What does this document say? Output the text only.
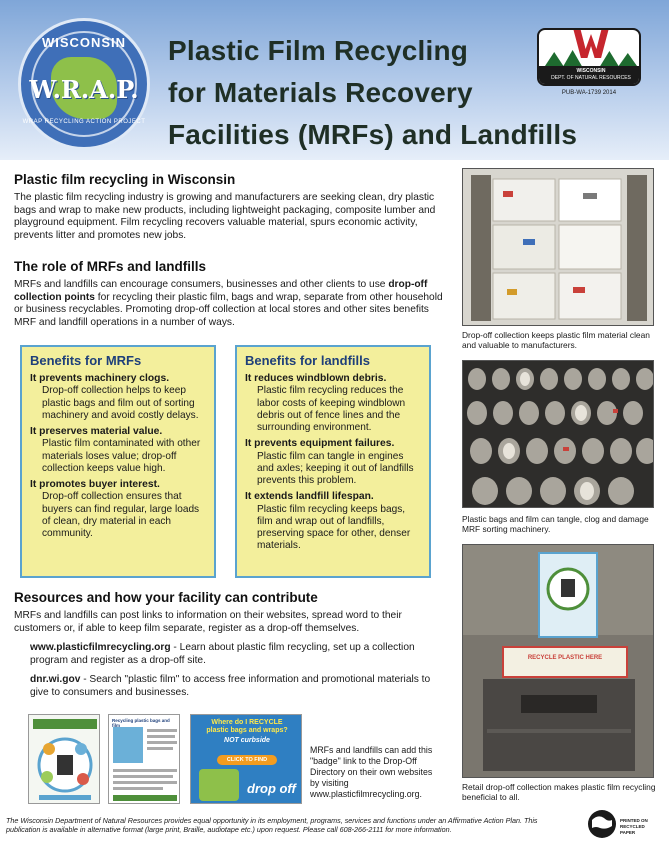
WISCONSIN
W.R.A.P.
WRAP RECYCLING ACTION PROJECT
Plastic Film Recycling
for Materials Recovery
Facilities (MRFs) and Landfills
WISCONSIN
DEPT. OF NATURAL RESOURCES
PUB-WA-1739 2014
Plastic film recycling in Wisconsin
The plastic film recycling industry is growing and manufacturers are seeking clean, dry plastic bags and wrap to make new products, including lightweight packaging, composite lumber and playground equipment. Film recycling recovers valuable material, spurs economic activity, prevents litter and promotes new jobs.
The role of MRFs and landfills
MRFs and landfills can encourage consumers, businesses and other clients to use drop-off collection points for recycling their plastic film, bags and wrap, separate from other household or business recyclables. Promoting drop-off collection at local stores and other sites benefits MRF and landfill operations in a number of ways.
Benefits for MRFs
It prevents machinery clogs.
Drop-off collection helps to keep plastic bags and film out of sorting machinery and avoid costly delays.
It preserves material value.
Plastic film contaminated with other materials loses value; drop-off collection keeps value high.
It promotes buyer interest.
Drop-off collection ensures that buyers can find regular, large loads of clean, dry material in each community.
Benefits for landfills
It reduces windblown debris.
Plastic film recycling reduces the labor costs of keeping windblown debris out of fence lines and the surrounding environment.
It prevents equipment failures.
Plastic film can tangle in engines and axles; keeping it out of landfills prevents this problem.
It extends landfill lifespan.
Plastic film recycling keeps bags, film and wrap out of landfills, preserving space for other, denser materials.
Resources and how your facility can contribute
MRFs and landfills can post links to information on their websites, spread word to their customers or, if able to keep film separate, register as a drop-off themselves.
www.plasticfilmrecycling.org - Learn about plastic film recycling, set up a collection program and register as a drop-off site.
dnr.wi.gov - Search "plastic film" to access free information and promotional materials to give to consumers and businesses.
Recycling plastic bags and film	Where do I RECYCLE
plastic bags and wraps?
NOT curbside
CLICK TO FIND
drop off
MRFs and landfills can add this "badge" link to the Drop-Off Directory on their own websites by visiting www.plasticfilmrecycling.org.
Drop-off collection keeps plastic film material clean and valuable to manufacturers.
Plastic bags and film can tangle, clog and damage MRF sorting machinery.
RECYCLE PLASTIC HERE
Retail drop-off collection makes plastic film recycling beneficial to all.
The Wisconsin Department of Natural Resources provides equal opportunity in its employment, programs, services and functions under an Affirmative Action Plan. This publication is available in alternative format (large print, Braille, audiotape etc.) upon request. Please call 608-266-2111 for more information.
PRINTED ON RECYCLED PAPER
